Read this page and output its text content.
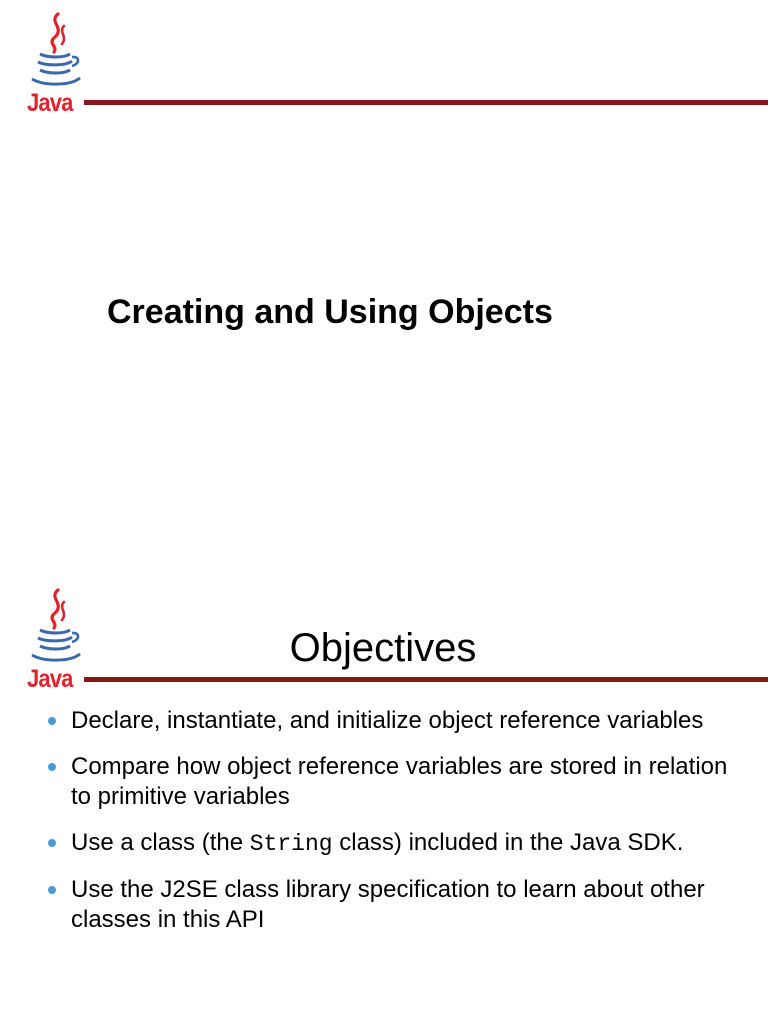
Java
Creating and Using Objects
Java
Objectives
Declare, instantiate, and initialize object reference variables
Compare how object reference variables are stored in relation to primitive variables
Use a class (the String class) included in the Java SDK.
Use the J2SE class library specification to learn about other classes in this API
